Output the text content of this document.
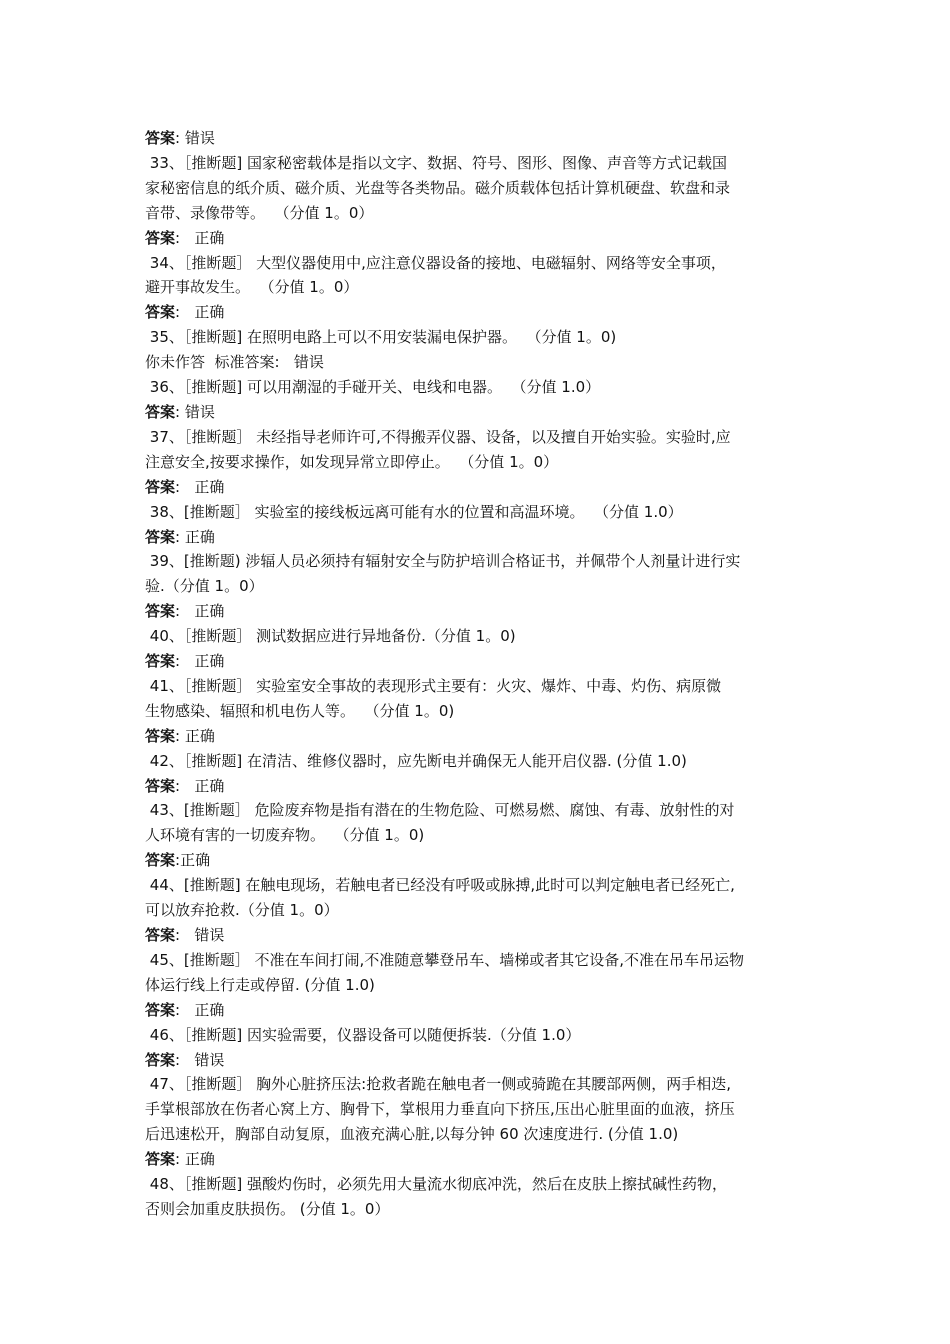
答案: 错误
33、［推断题] 国家秘密载体是指以文字、数据、符号、图形、图像、声音等方式记载国
家秘密信息的纸介质、磁介质、光盘等各类物品。磁介质载体包括计算机硬盘、软盘和录
音带、录像带等。  （分值 1。0）
答案:   正确
34、［推断题］ 大型仪器使用中,应注意仪器设备的接地、电磁辐射、网络等安全事项，
避开事故发生。  （分值 1。0）
答案:   正确
35、［推断题] 在照明电路上可以不用安装漏电保护器。  （分值 1。0)
你未作答  标准答案:   错误
36、［推断题] 可以用潮湿的手碰开关、电线和电器。  （分值 1.0）
答案: 错误
37、［推断题］ 未经指导老师许可,不得搬弄仪器、设备，以及擅自开始实验。实验时,应
注意安全,按要求操作，如发现异常立即停止。  （分值 1。0）
答案:   正确
38、[推断题］ 实验室的接线板远离可能有水的位置和高温环境。  （分值 1.0）
答案: 正确
39、[推断题) 涉辐人员必须持有辐射安全与防护培训合格证书，并佩带个人剂量计进行实
验.（分值 1。0）
答案:   正确
40、［推断题］ 测试数据应进行异地备份.（分值 1。0)
答案:   正确
41、［推断题］ 实验室安全事故的表现形式主要有：火灾、爆炸、中毒、灼伤、病原微
生物感染、辐照和机电伤人等。  （分值 1。0)
答案: 正确
42、［推断题] 在清洁、维修仪器时，应先断电并确保无人能开启仪器. (分值 1.0)
答案:   正确
43、[推断题］ 危险废弃物是指有潜在的生物危险、可燃易燃、腐蚀、有毒、放射性的对
人环境有害的一切废弃物。  （分值 1。0)
答案:正确
44、[推断题] 在触电现场，若触电者已经没有呼吸或脉搏,此时可以判定触电者已经死亡,
可以放弃抢救.（分值 1。0）
答案:   错误
45、[推断题］ 不准在车间打闹,不准随意攀登吊车、墙梯或者其它设备,不准在吊车吊运物
体运行线上行走或停留. (分值 1.0)
答案:   正确
46、［推断题] 因实验需要，仪器设备可以随便拆装.（分值 1.0）
答案:   错误
47、［推断题］ 胸外心脏挤压法:抢救者跪在触电者一侧或骑跪在其腰部两侧，两手相迭,
手掌根部放在伤者心窝上方、胸骨下，掌根用力垂直向下挤压,压出心脏里面的血液，挤压
后迅速松开，胸部自动复原，血液充满心脏,以每分钟 60 次速度进行. (分值 1.0)
答案: 正确
48、［推断题] 强酸灼伤时，必须先用大量流水彻底冲洗，然后在皮肤上擦拭碱性药物，
否则会加重皮肤损伤。 (分值 1。0）
